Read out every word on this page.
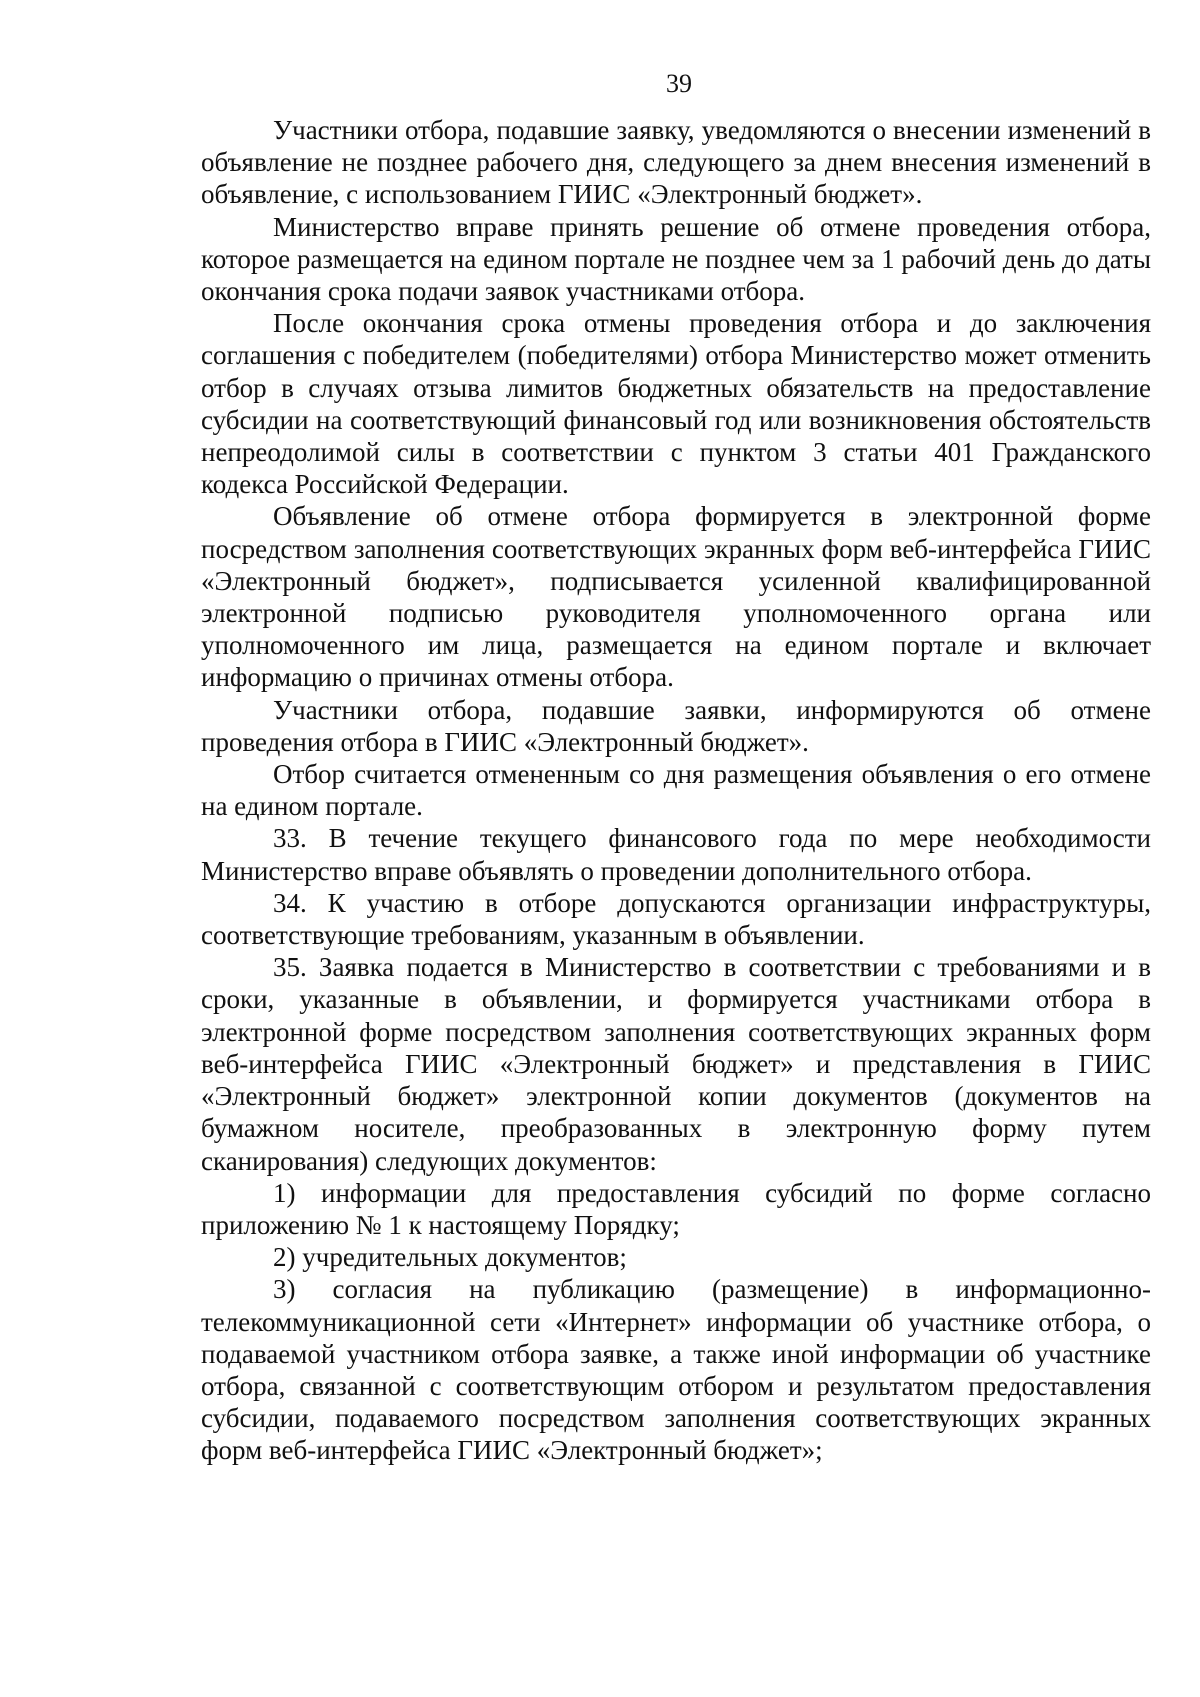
39

Участники отбора, подавшие заявку, уведомляются о внесении изменений в объявление не позднее рабочего дня, следующего за днем внесения изменений в объявление, с использованием ГИИС «Электронный бюджет».

Министерство вправе принять решение об отмене проведения отбора, которое размещается на едином портале не позднее чем за 1 рабочий день до даты окончания срока подачи заявок участниками отбора.

После окончания срока отмены проведения отбора и до заключения соглашения с победителем (победителями) отбора Министерство может отменить отбор в случаях отзыва лимитов бюджетных обязательств на предоставление субсидии на соответствующий финансовый год или возникновения обстоятельств непреодолимой силы в соответствии с пунктом 3 статьи 401 Гражданского кодекса Российской Федерации.

Объявление об отмене отбора формируется в электронной форме посредством заполнения соответствующих экранных форм веб-интерфейса ГИИС «Электронный бюджет», подписывается усиленной квалифицированной электронной подписью руководителя уполномоченного органа или уполномоченного им лица, размещается на едином портале и включает информацию о причинах отмены отбора.

Участники отбора, подавшие заявки, информируются об отмене проведения отбора в ГИИС «Электронный бюджет».

Отбор считается отмененным со дня размещения объявления о его отмене на едином портале.

33. В течение текущего финансового года по мере необходимости Министерство вправе объявлять о проведении дополнительного отбора.

34. К участию в отборе допускаются организации инфраструктуры, соответствующие требованиям, указанным в объявлении.

35. Заявка подается в Министерство в соответствии с требованиями и в сроки, указанные в объявлении, и формируется участниками отбора в электронной форме посредством заполнения соответствующих экранных форм веб-интерфейса ГИИС «Электронный бюджет» и представления в ГИИС «Электронный бюджет» электронной копии документов (документов на бумажном носителе, преобразованных в электронную форму путем сканирования) следующих документов:

1) информации для предоставления субсидий по форме согласно приложению № 1 к настоящему Порядку;

2) учредительных документов;

3) согласия на публикацию (размещение) в информационно-телекоммуникационной сети «Интернет» информации об участнике отбора, о подаваемой участником отбора заявке, а также иной информации об участнике отбора, связанной с соответствующим отбором и результатом предоставления субсидии, подаваемого посредством заполнения соответствующих экранных форм веб-интерфейса ГИИС «Электронный бюджет»;
